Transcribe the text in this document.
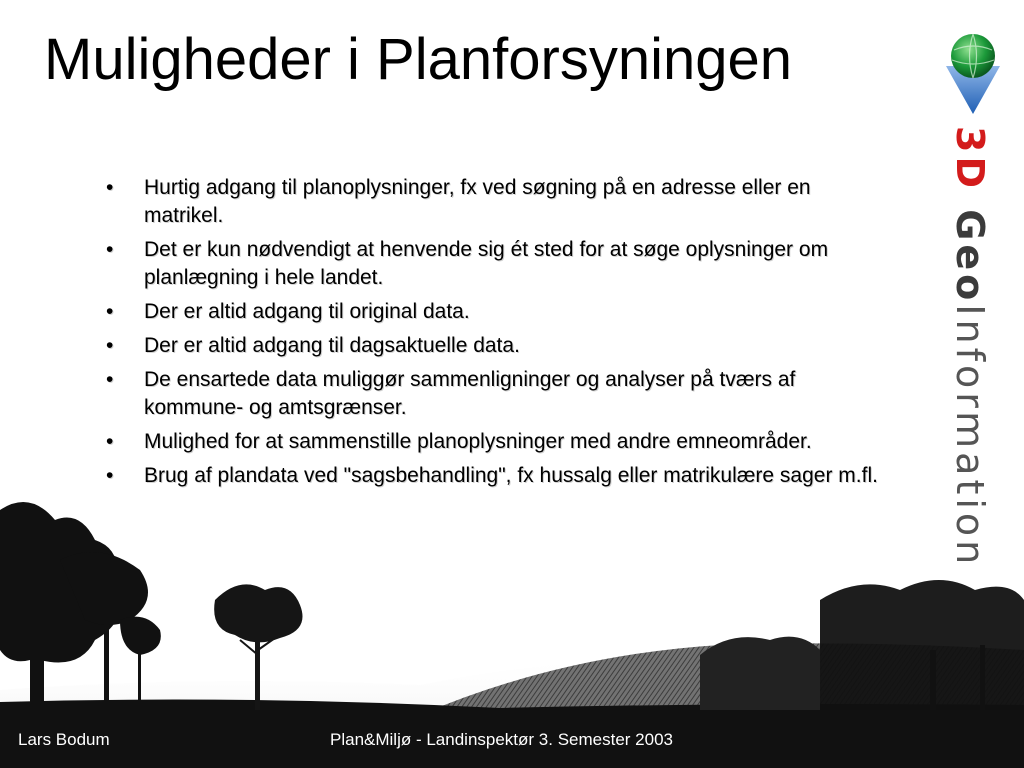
Muligheder i Planforsyningen
• Hurtig adgang til planoplysninger, fx ved søgning på en adresse eller en matrikel.
• Det er kun nødvendigt at henvende sig ét sted for at søge oplysninger om planlægning i hele landet.
• Der er altid adgang til original data.
• Der er altid adgang til dagsaktuelle data.
• De ensartede data muliggør sammenligninger og analyser på tværs af kommune- og amtsgrænser.
• Mulighed for at sammenstille planoplysninger med andre emneområder.
• Brug af plandata ved "sagsbehandling", fx hussalg eller matrikulære sager m.fl.
3D GeoInformation
Lars Bodum	Plan&Miljø - Landinspektør 3. Semester 2003
